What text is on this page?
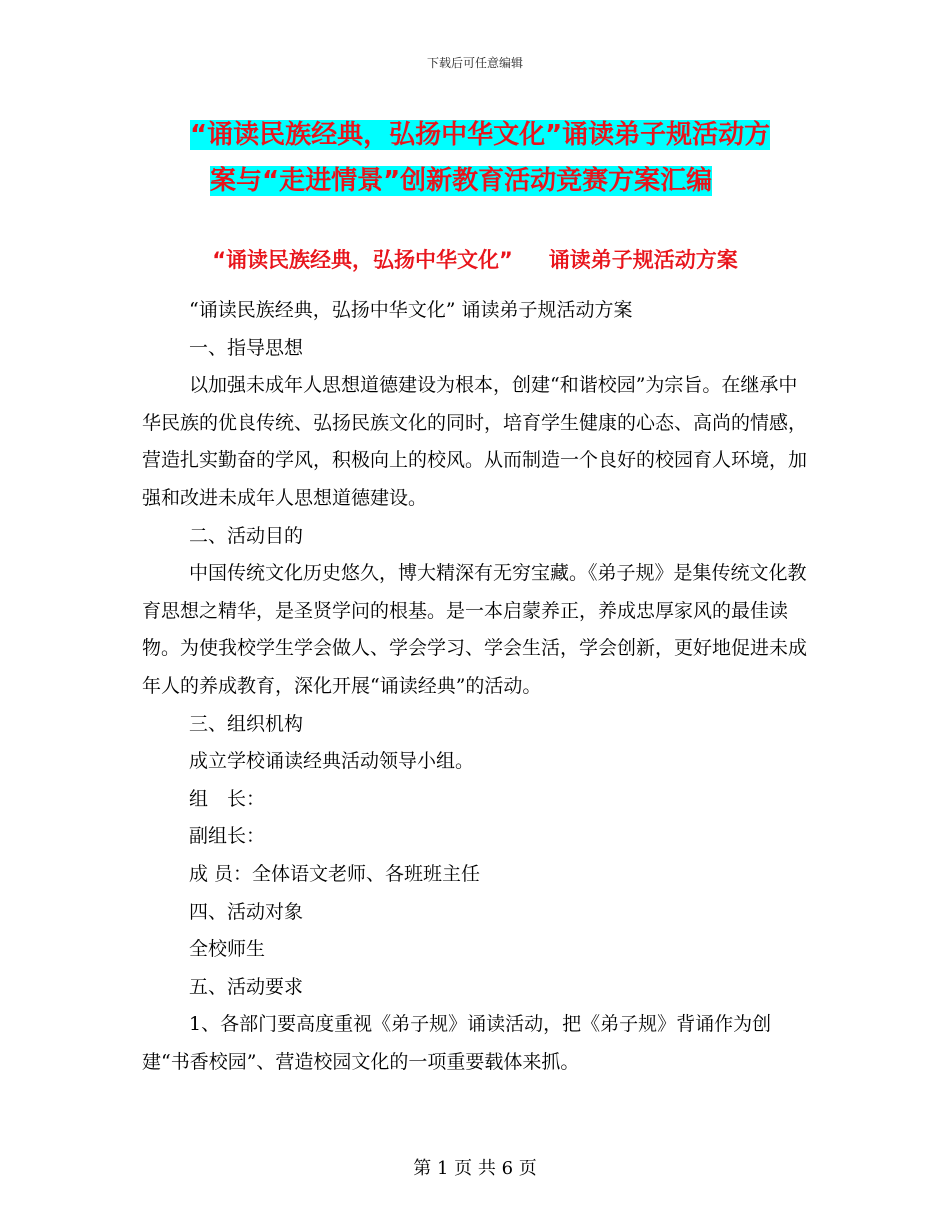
下载后可任意编辑
“诵读民族经典，弘扬中华文化”诵读弟子规活动方
案与“走进情景”创新教育活动竞赛方案汇编
“诵读民族经典，弘扬中华文化” 诵读弟子规活动方案

“诵读民族经典，弘扬中华文化” 诵读弟子规活动方案

一、指导思想

以加强未成年人思想道德建设为根本，创建“和谐校园”为宗旨。在继承中华民族的优良传统、弘扬民族文化的同时，培育学生健康的心态、高尚的情感，营造扎实勤奋的学风，积极向上的校风。从而制造一个良好的校园育人环境，加强和改进未成年人思想道德建设。

二、活动目的

中国传统文化历史悠久，博大精深有无穷宝藏。《弟子规》是集传统文化教育思想之精华，是圣贤学问的根基。是一本启蒙养正，养成忠厚家风的最佳读物。为使我校学生学会做人、学会学习、学会生活，学会创新，更好地促进未成年人的养成教育，深化开展“诵读经典”的活动。

三、组织机构

成立学校诵读经典活动领导小组。

组　长：

副组长：

成 员：全体语文老师、各班班主任

四、活动对象

全校师生

五、活动要求

1、各部门要高度重视《弟子规》诵读活动，把《弟子规》背诵作为创建“书香校园”、营造校园文化的一项重要载体来抓。

第 1 页 共 6 页
